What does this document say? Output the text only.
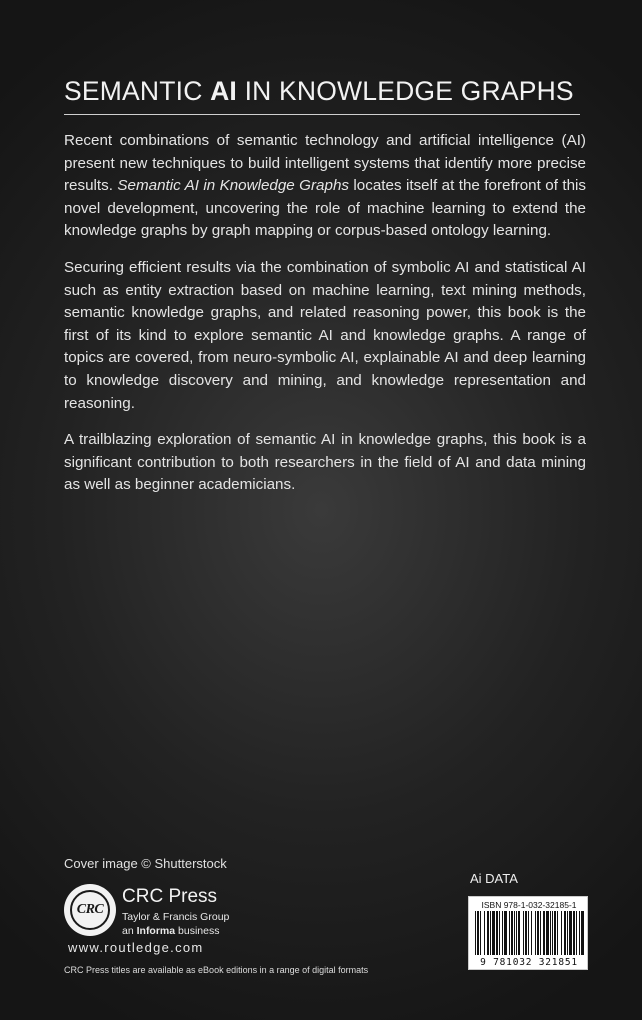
SEMANTIC AI IN KNOWLEDGE GRAPHS

Recent combinations of semantic technology and artificial intelligence (AI) present new techniques to build intelligent systems that identify more precise results. Semantic AI in Knowledge Graphs locates itself at the forefront of this novel development, uncovering the role of machine learning to extend the knowledge graphs by graph mapping or corpus-based ontology learning.

Securing efficient results via the combination of symbolic AI and statistical AI such as entity extraction based on machine learning, text mining methods, semantic knowledge graphs, and related reasoning power, this book is the first of its kind to explore semantic AI and knowledge graphs. A range of topics are covered, from neuro-symbolic AI, explainable AI and deep learning to knowledge discovery and mining, and knowledge representation and reasoning.

A trailblazing exploration of semantic AI in knowledge graphs, this book is a significant contribution to both researchers in the field of AI and data mining as well as beginner academicians.

Cover image © Shutterstock
CRC
CRC Press
Taylor & Francis Group
an Informa business
www.routledge.com
CRC Press titles are available as eBook editions in a range of digital formats
Ai DATA
ISBN 978-1-032-32185-1
9 781032 321851
